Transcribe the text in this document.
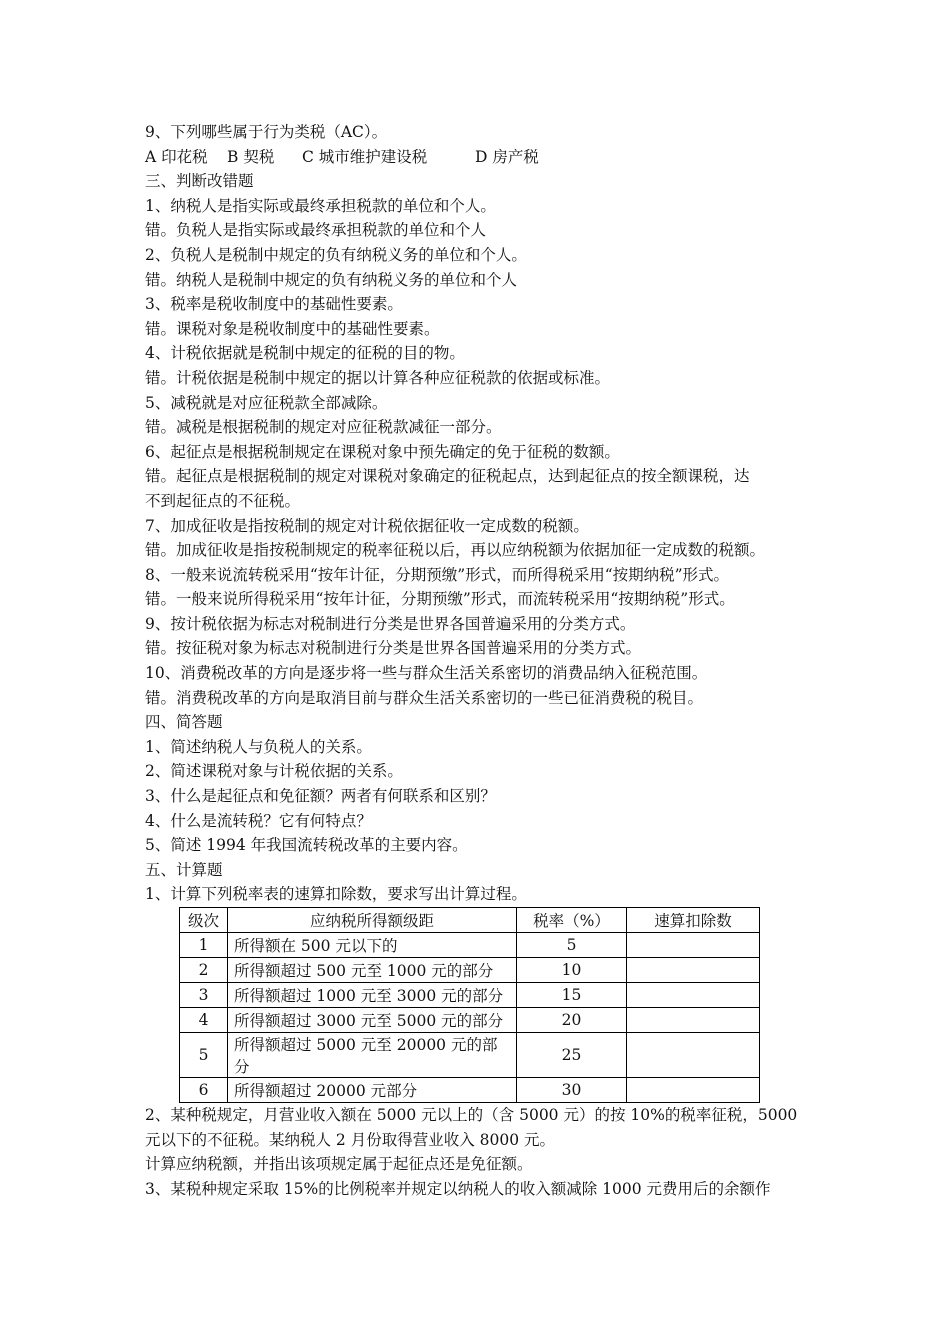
9、下列哪些属于行为类税（AC）。
A 印花税 B 契税 C 城市维护建设税	D 房产税
三、判断改错题
1、纳税人是指实际或最终承担税款的单位和个人。
错。负税人是指实际或最终承担税款的单位和个人
2、负税人是税制中规定的负有纳税义务的单位和个人。
错。纳税人是税制中规定的负有纳税义务的单位和个人
3、税率是税收制度中的基础性要素。
错。课税对象是税收制度中的基础性要素。
4、计税依据就是税制中规定的征税的目的物。
错。计税依据是税制中规定的据以计算各种应征税款的依据或标准。
5、减税就是对应征税款全部减除。
错。减税是根据税制的规定对应征税款减征一部分。
6、起征点是根据税制规定在课税对象中预先确定的免于征税的数额。
错。起征点是根据税制的规定对课税对象确定的征税起点，达到起征点的按全额课税，达
不到起征点的不征税。
7、加成征收是指按税制的规定对计税依据征收一定成数的税额。
错。加成征收是指按税制规定的税率征税以后，再以应纳税额为依据加征一定成数的税额。
8、一般来说流转税采用“按年计征，分期预缴”形式，而所得税采用“按期纳税”形式。
错。一般来说所得税采用“按年计征，分期预缴”形式，而流转税采用“按期纳税”形式。
9、按计税依据为标志对税制进行分类是世界各国普遍采用的分类方式。
错。按征税对象为标志对税制进行分类是世界各国普遍采用的分类方式。
10、消费税改革的方向是逐步将一些与群众生活关系密切的消费品纳入征税范围。
错。消费税改革的方向是取消目前与群众生活关系密切的一些已征消费税的税目。
四、简答题
1、简述纳税人与负税人的关系。
2、简述课税对象与计税依据的关系。
3、什么是起征点和免征额？两者有何联系和区别？
4、什么是流转税？它有何特点？
5、简述 1994 年我国流转税改革的主要内容。
五、计算题
1、计算下列税率表的速算扣除数，要求写出计算过程。
级次	应纳税所得额级距	税率（%）	速算扣除数
1	所得额在 500 元以下的	5	
2	所得额超过 500 元至 1000 元的部分	10	
3	所得额超过 1000 元至 3000 元的部分	15	
4	所得额超过 3000 元至 5000 元的部分	20	
5	所得额超过 5000 元至 20000 元的部分	25	
6	所得额超过 20000 元部分	30	
2、某种税规定，月营业收入额在 5000 元以上的（含 5000 元）的按 10%的税率征税，5000
元以下的不征税。某纳税人 2 月份取得营业收入 8000 元。
计算应纳税额，并指出该项规定属于起征点还是免征额。
3、某税种规定采取 15%的比例税率并规定以纳税人的收入额减除 1000 元费用后的余额作
